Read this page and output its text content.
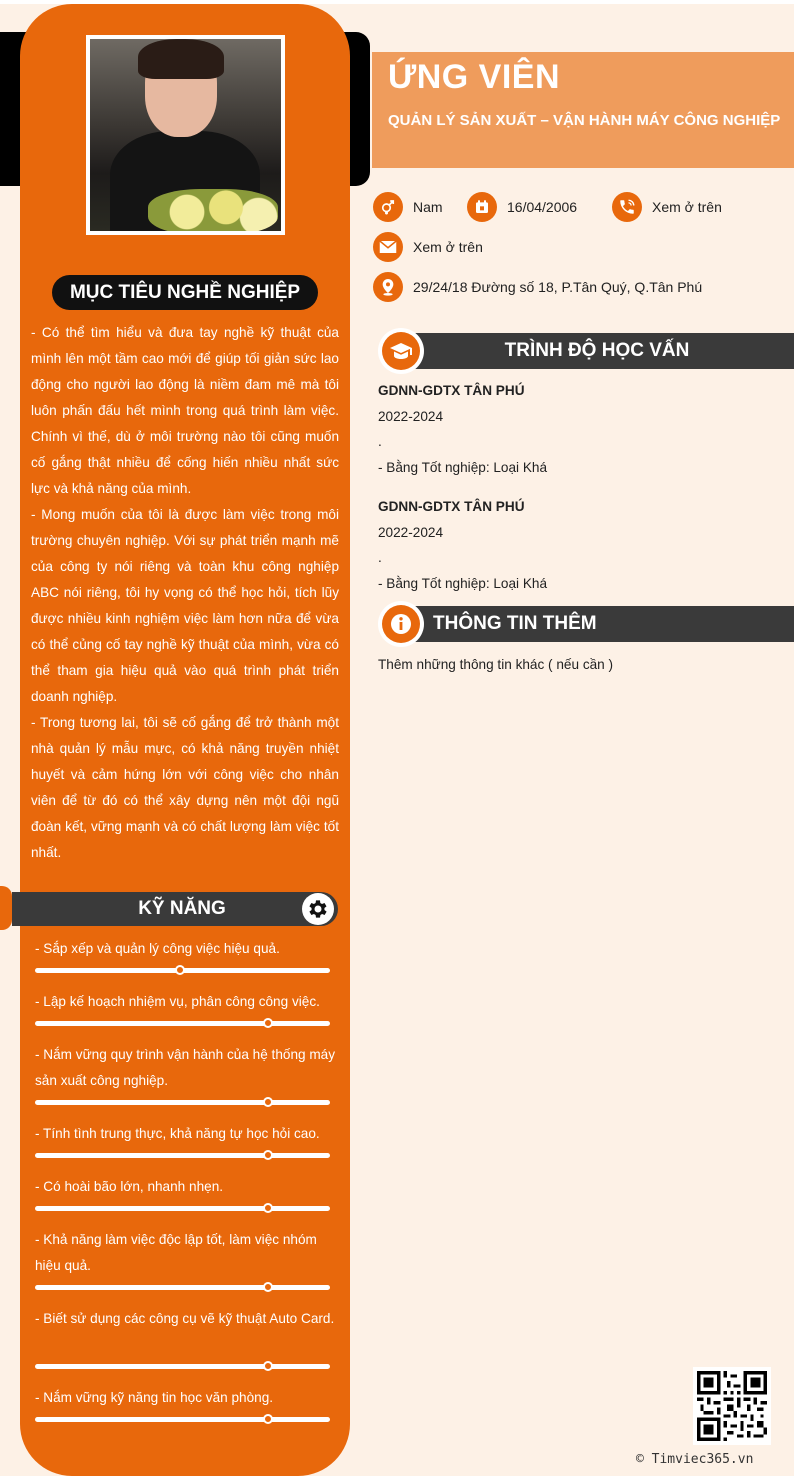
MỤC TIÊU NGHỀ NGHIỆP

- Có thể tìm hiểu và đưa tay nghề kỹ thuật của mình lên một tầm cao mới để giúp tối giản sức lao động cho người lao động là niềm đam mê mà tôi luôn phấn đấu hết mình trong quá trình làm việc. Chính vì thế, dù ở môi trường nào tôi cũng muốn cố gắng thật nhiều để cống hiến nhiều nhất sức lực và khả năng của mình.

- Mong muốn của tôi là được làm việc trong môi trường chuyên nghiệp. Với sự phát triển mạnh mẽ của công ty nói riêng và toàn khu công nghiệp ABC nói riêng, tôi hy vọng có thể học hỏi, tích lũy được nhiều kinh nghiệm việc làm hơn nữa để vừa có thể củng cố tay nghề kỹ thuật của mình, vừa có thể tham gia hiệu quả vào quá trình phát triển doanh nghiệp.

- Trong tương lai, tôi sẽ cố gắng để trở thành một nhà quản lý mẫu mực, có khả năng truyền nhiệt huyết và cảm hứng lớn với công việc cho nhân viên để từ đó có thể xây dựng nên một đội ngũ đoàn kết, vững mạnh và có chất lượng làm việc tốt nhất.

KỸ NĂNG
- Sắp xếp và quản lý công việc hiệu quả.
- Lập kế hoạch nhiệm vụ, phân công công việc.
- Nắm vững quy trình vận hành của hệ thống máy sản xuất công nghiệp.
- Tính tình trung thực, khả năng tự học hỏi cao.
- Có hoài bão lớn, nhanh nhẹn.
- Khả năng làm việc độc lập tốt, làm việc nhóm hiệu quả.
- Biết sử dụng các công cụ vẽ kỹ thuật Auto Card.
- Nắm vững kỹ năng tin học văn phòng.
ỨNG VIÊN
QUẢN LÝ SẢN XUẤT – VẬN HÀNH MÁY CÔNG NGHIỆP
Nam	16/04/2006	Xem ở trên
Xem ở trên
29/24/18 Đường số 18, P.Tân Quý, Q.Tân Phú
TRÌNH ĐỘ HỌC VẤN
GDNN-GDTX TÂN PHÚ
2022-2024
.
- Bằng Tốt nghiệp: Loại Khá
GDNN-GDTX TÂN PHÚ
2022-2024
.
- Bằng Tốt nghiệp: Loại Khá
THÔNG TIN THÊM
Thêm những thông tin khác ( nếu cần )
© Timviec365.vn
